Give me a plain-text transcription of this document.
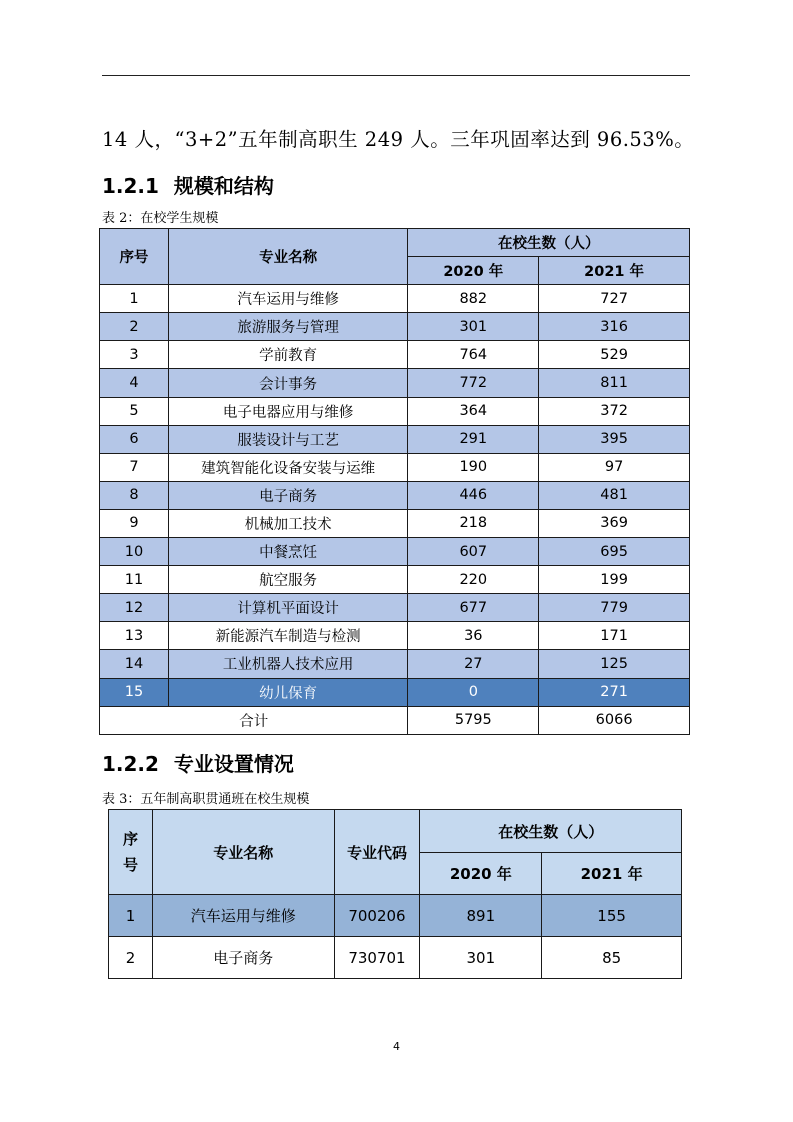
14 人，“3+2”五年制高职生 249 人。三年巩固率达到 96.53%。
1.2.1 规模和结构
表 2：在校学生规模
序号	专业名称	在校生数（人）	
		2020 年	2021 年
1	汽车运用与维修	882	727
2	旅游服务与管理	301	316
3	学前教育	764	529
4	会计事务	772	811
5	电子电器应用与维修	364	372
6	服装设计与工艺	291	395
7	建筑智能化设备安装与运维	190	97
8	电子商务	446	481
9	机械加工技术	218	369
10	中餐烹饪	607	695
11	航空服务	220	199
12	计算机平面设计	677	779
13	新能源汽车制造与检测	36	171
14	工业机器人技术应用	27	125
15	幼儿保育	0	271
合计		5795	6066
1.2.2 专业设置情况
表 3：五年制高职贯通班在校生规模
序
号	专业名称	专业代码	在校生数（人）	
			2020 年	2021 年
1	汽车运用与维修	700206	891	155
2	电子商务	730701	301	85
4
